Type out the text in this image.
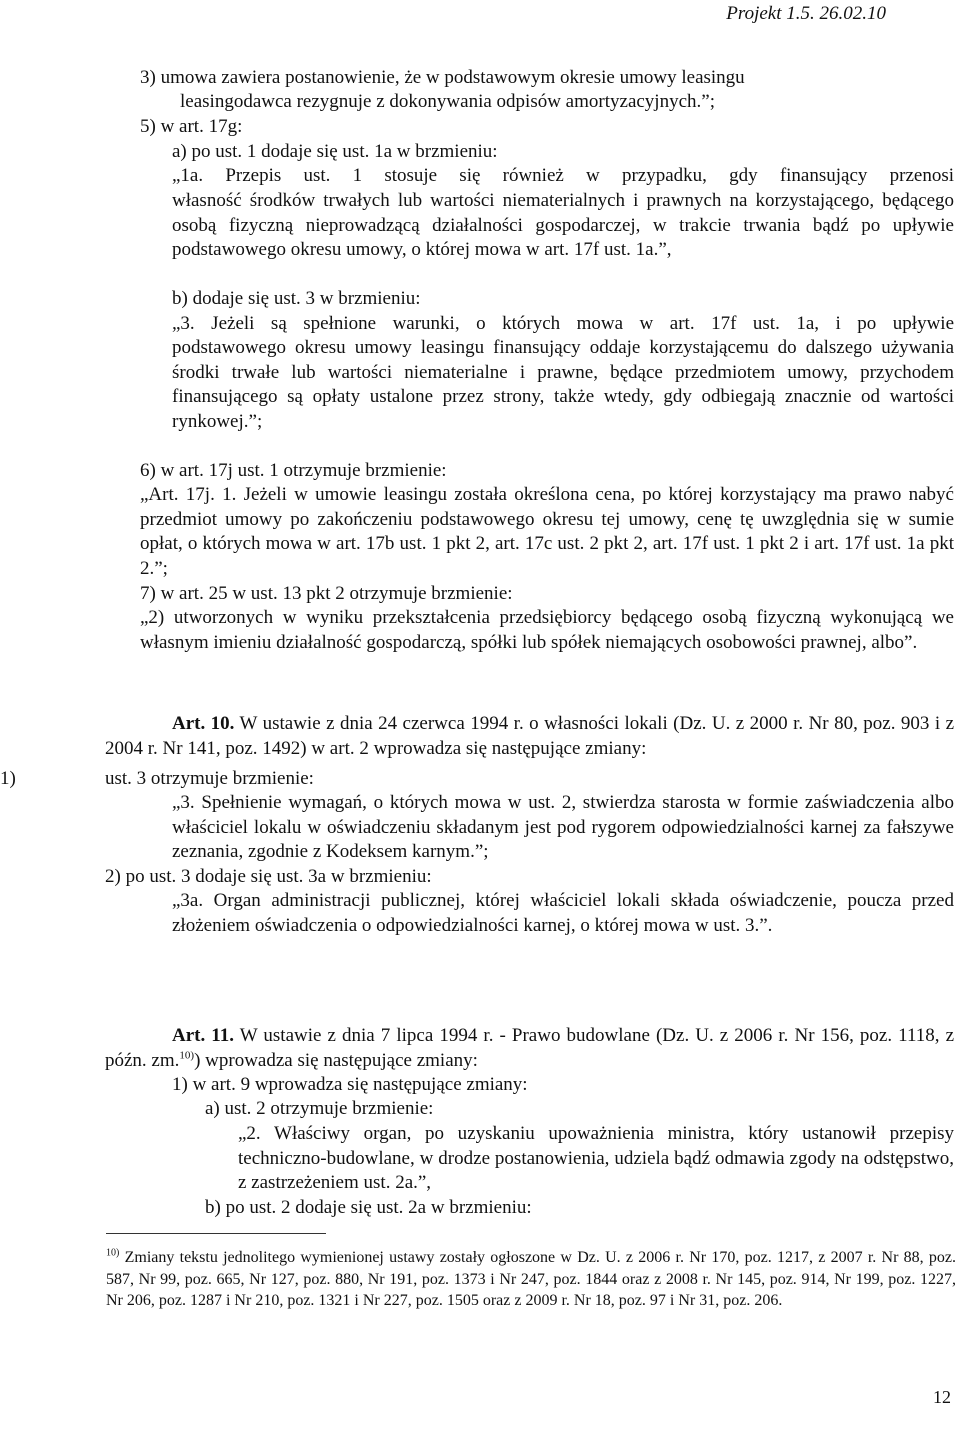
Projekt 1.5. 26.02.10
3) umowa zawiera postanowienie, że w podstawowym okresie umowy leasingu
leasingodawca rezygnuje z dokonywania odpisów amortyzacyjnych.”;
5) w art. 17g:
a) po ust. 1 dodaje się ust. 1a w brzmieniu:
„1a. Przepis ust. 1 stosuje się również w przypadku, gdy finansujący przenosi
własność środków trwałych lub wartości niematerialnych i prawnych na korzystającego, będącego osobą fizyczną nieprowadzącą działalności gospodarczej, w trakcie trwania bądź po upływie podstawowego okresu umowy, o której mowa w art. 17f ust. 1a.”,
b) dodaje się ust. 3 w brzmieniu:
„3. Jeżeli są spełnione warunki, o których mowa w art. 17f ust. 1a, i po upływie
podstawowego okresu umowy leasingu finansujący oddaje korzystającemu do dalszego używania środki trwałe lub wartości niematerialne i prawne, będące przedmiotem umowy, przychodem finansującego są opłaty ustalone przez strony, także wtedy, gdy odbiegają znacznie od wartości rynkowej.”;
6) w art. 17j ust. 1 otrzymuje brzmienie:
„Art. 17j. 1. Jeżeli w umowie leasingu została określona cena, po której korzystający ma prawo nabyć przedmiot umowy po zakończeniu podstawowego okresu tej umowy, cenę tę uwzględnia się w sumie opłat, o których mowa w art. 17b ust. 1 pkt 2, art. 17c ust. 2 pkt 2, art. 17f ust. 1 pkt 2 i art. 17f ust. 1a pkt 2.”;
7) w art. 25 w ust. 13 pkt 2 otrzymuje brzmienie:
„2) utworzonych w wyniku przekształcenia przedsiębiorcy będącego osobą fizyczną wykonującą we własnym imieniu działalność gospodarczą, spółki lub spółek niemających osobowości prawnej, albo”.
Art. 10. W ustawie z dnia 24 czerwca 1994 r. o własności lokali (Dz. U. z 2000 r. Nr 80, poz. 903 i z 2004 r. Nr 141, poz. 1492) w art. 2 wprowadza się następujące zmiany:
1)	ust. 3 otrzymuje brzmienie:
„3. Spełnienie wymagań, o których mowa w ust. 2, stwierdza starosta w formie zaświadczenia albo właściciel lokalu w oświadczeniu składanym jest pod rygorem odpowiedzialności karnej za fałszywe zeznania, zgodnie z Kodeksem karnym.”;
2) po ust. 3 dodaje się ust. 3a w brzmieniu:
„3a. Organ administracji publicznej, której właściciel lokali składa oświadczenie, poucza przed złożeniem oświadczenia o odpowiedzialności karnej, o której mowa w ust. 3.”.
Art. 11. W ustawie z dnia 7 lipca 1994 r. - Prawo budowlane (Dz. U. z 2006 r. Nr 156, poz. 1118, z późn. zm.$^{10)}$) wprowadza się następujące zmiany:
1) w art. 9 wprowadza się następujące zmiany:
a) ust. 2 otrzymuje brzmienie:
„2. Właściwy organ, po uzyskaniu upoważnienia ministra, który ustanowił przepisy techniczno-budowlane, w drodze postanowienia, udziela bądź odmawia zgody na odstępstwo, z zastrzeżeniem ust. 2a.”,
b) po ust. 2 dodaje się ust. 2a w brzmieniu:
$^{10)}$ Zmiany tekstu jednolitego wymienionej ustawy zostały ogłoszone w Dz. U. z 2006 r. Nr 170, poz. 1217, z 2007 r. Nr 88, poz. 587, Nr 99, poz. 665, Nr 127, poz. 880, Nr 191, poz. 1373 i Nr 247, poz. 1844 oraz z 2008 r. Nr 145, poz. 914, Nr 199, poz. 1227, Nr 206, poz. 1287 i Nr 210, poz. 1321 i Nr 227, poz. 1505 oraz z 2009 r. Nr 18, poz. 97 i Nr 31, poz. 206.
12
